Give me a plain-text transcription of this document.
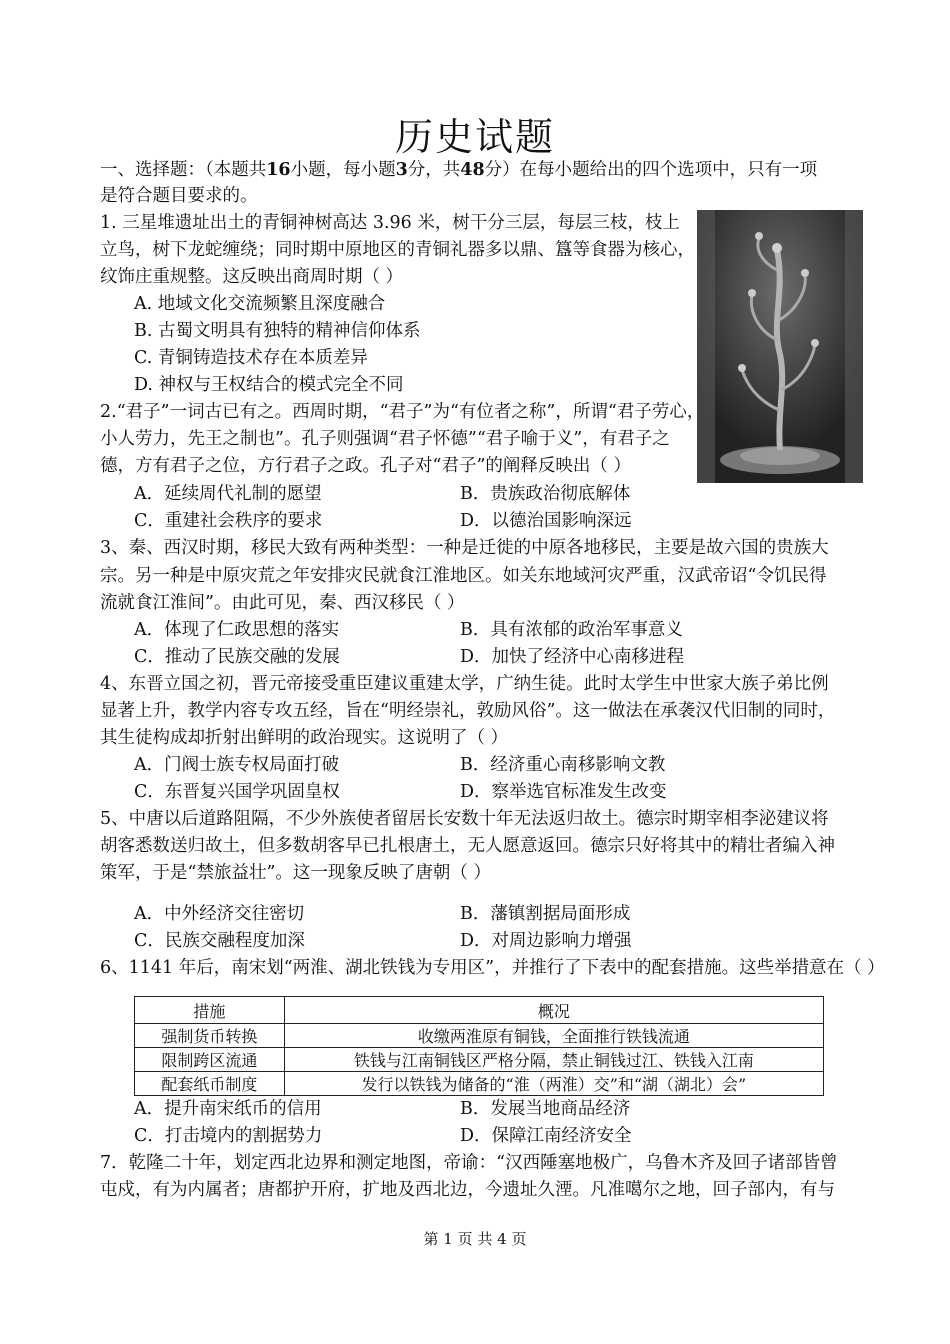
历史试题
一、选择题：（本题共16小题，每小题3分，共48分）在每小题给出的四个选项中，只有一项
是符合题目要求的。
1. 三星堆遗址出土的青铜神树高达 3.96 米，树干分三层，每层三枝，枝上
立鸟，树下龙蛇缠绕；同时期中原地区的青铜礼器多以鼎、簋等食器为核心，
纹饰庄重规整。这反映出商周时期（ ）
A. 地域文化交流频繁且深度融合
B. 古蜀文明具有独特的精神信仰体系
C. 青铜铸造技术存在本质差异
D. 神权与王权结合的模式完全不同
2.“君子”一词古已有之。西周时期，“君子”为“有位者之称”，所谓“君子劳心，
小人劳力，先王之制也”。孔子则强调“君子怀德”“君子喻于义”，有君子之
德，方有君子之位，方行君子之政。孔子对“君子”的阐释反映出（ ）
A．延续周代礼制的愿望	B．贵族政治彻底解体
C．重建社会秩序的要求	D．以德治国影响深远
3、秦、西汉时期，移民大致有两种类型：一种是迁徙的中原各地移民，主要是故六国的贵族大
宗。另一种是中原灾荒之年安排灾民就食江淮地区。如关东地域河灾严重，汉武帝诏“令饥民得
流就食江淮间”。由此可见，秦、西汉移民（ ）
A．体现了仁政思想的落实	B．具有浓郁的政治军事意义
C．推动了民族交融的发展	D．加快了经济中心南移进程
4、东晋立国之初，晋元帝接受重臣建议重建太学，广纳生徒。此时太学生中世家大族子弟比例
显著上升，教学内容专攻五经，旨在“明经崇礼，敦励风俗”。这一做法在承袭汉代旧制的同时，
其生徒构成却折射出鲜明的政治现实。这说明了（ ）
A．门阀士族专权局面打破	B．经济重心南移影响文教
C．东晋复兴国学巩固皇权	D．察举选官标准发生改变
5、中唐以后道路阻隔，不少外族使者留居长安数十年无法返归故土。德宗时期宰相李泌建议将
胡客悉数送归故土，但多数胡客早已扎根唐土，无人愿意返回。德宗只好将其中的精壮者编入神
策军，于是“禁旅益壮”。这一现象反映了唐朝（ ）
A．中外经济交往密切	B．藩镇割据局面形成
C．民族交融程度加深	D．对周边影响力增强
6、1141 年后，南宋划“两淮、湖北铁钱为专用区”，并推行了下表中的配套措施。这些举措意在（ ）
措施	概况
强制货币转换	收缴两淮原有铜钱，全面推行铁钱流通
限制跨区流通	铁钱与江南铜钱区严格分隔，禁止铜钱过江、铁钱入江南
配套纸币制度	发行以铁钱为储备的“淮（两淮）交”和“湖（湖北）会”
A．提升南宋纸币的信用	B．发展当地商品经济
C．打击境内的割据势力	D．保障江南经济安全
7．乾隆二十年，划定西北边界和测定地图，帝谕：“汉西陲塞地极广，乌鲁木齐及回子诸部皆曾
屯戍，有为内属者；唐都护开府，扩地及西北边，今遗址久湮。凡准噶尔之地，回子部内，有与
第 1 页 共 4 页
